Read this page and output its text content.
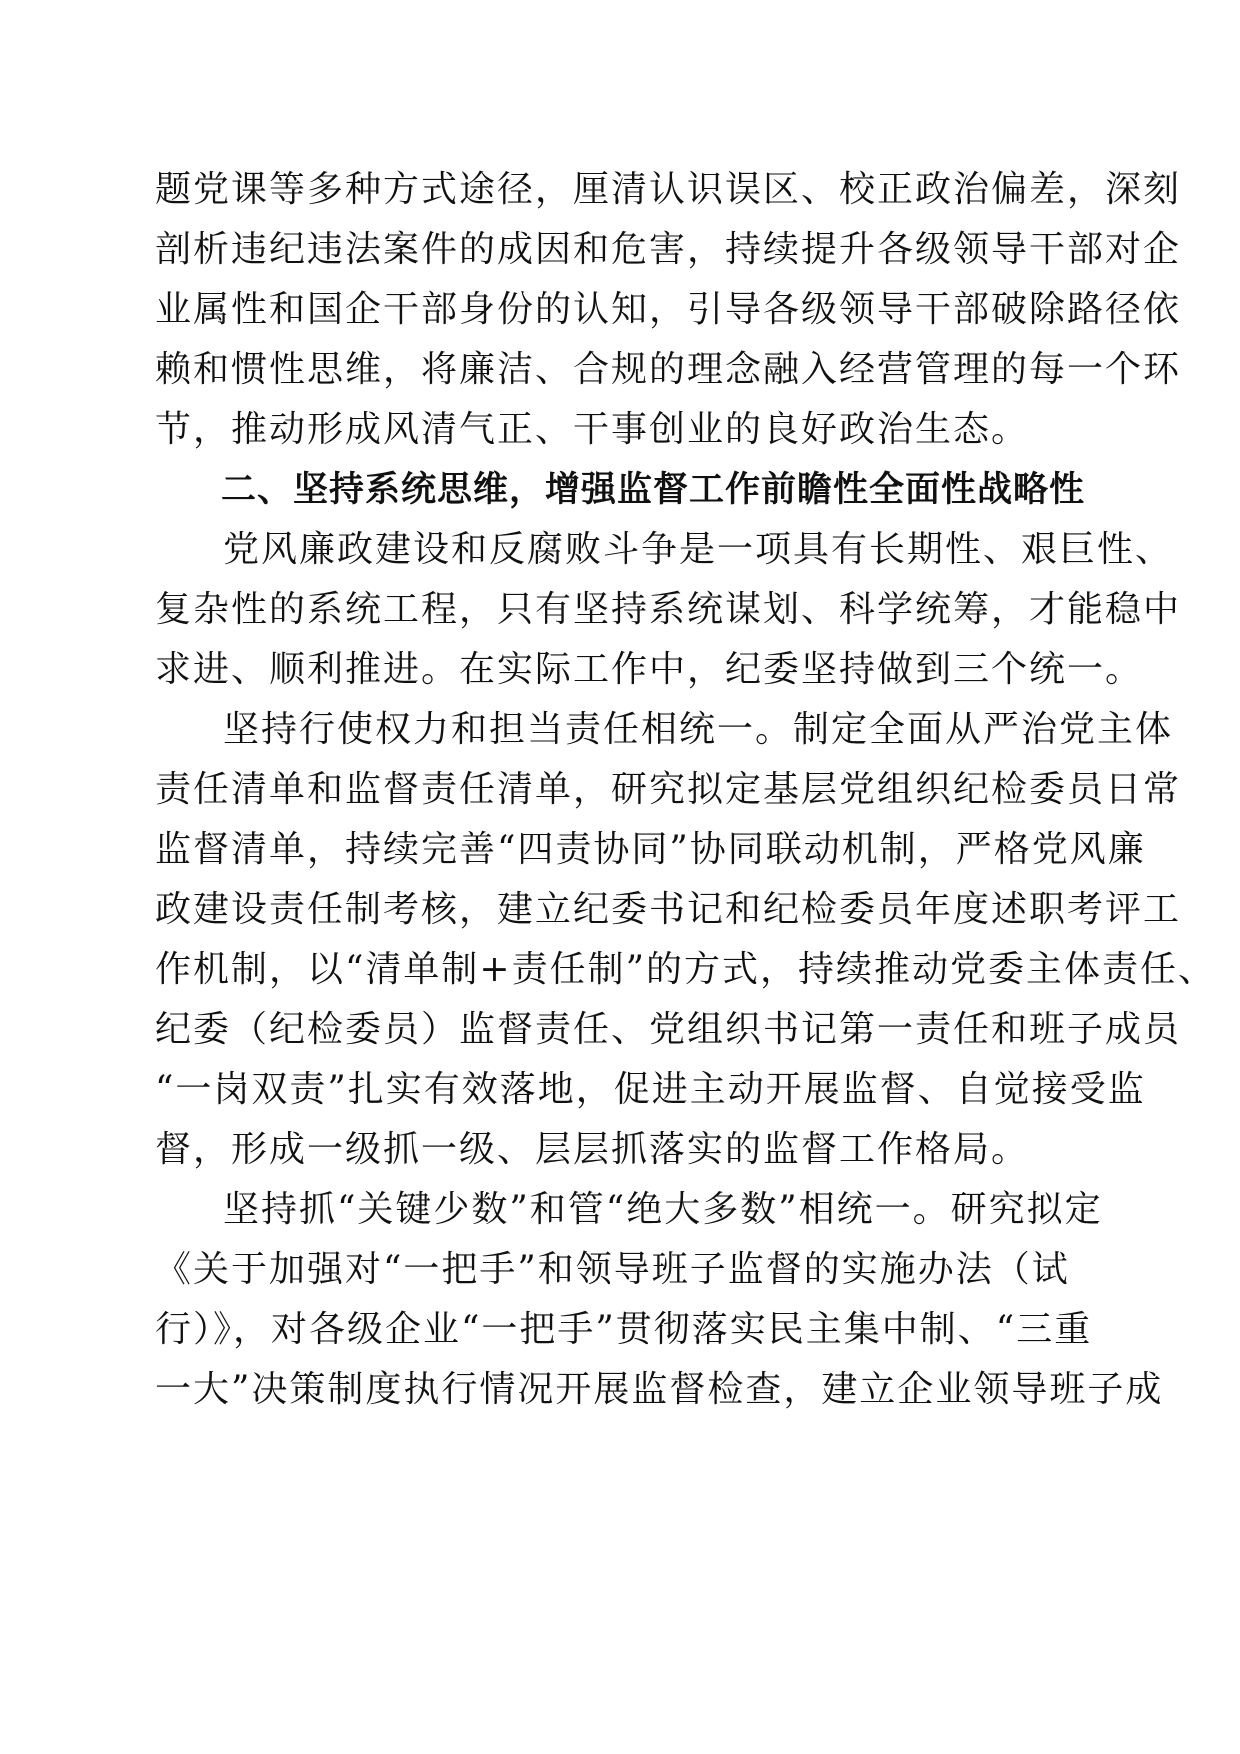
题党课等多种方式途径，厘清认识误区、校正政治偏差，深刻
剖析违纪违法案件的成因和危害，持续提升各级领导干部对企
业属性和国企干部身份的认知，引导各级领导干部破除路径依
赖和惯性思维，将廉洁、合规的理念融入经营管理的每一个环
节，推动形成风清气正、干事创业的良好政治生态。
二、坚持系统思维，增强监督工作前瞻性全面性战略性
党风廉政建设和反腐败斗争是一项具有长期性、艰巨性、
复杂性的系统工程，只有坚持系统谋划、科学统筹，才能稳中
求进、顺利推进。在实际工作中，纪委坚持做到三个统一。
坚持行使权力和担当责任相统一。制定全面从严治党主体
责任清单和监督责任清单，研究拟定基层党组织纪检委员日常
监督清单，持续完善“四责协同”协同联动机制，严格党风廉
政建设责任制考核，建立纪委书记和纪检委员年度述职考评工
作机制，以“清单制+责任制”的方式，持续推动党委主体责任、
纪委（纪检委员）监督责任、党组织书记第一责任和班子成员
“一岗双责”扎实有效落地，促进主动开展监督、自觉接受监
督，形成一级抓一级、层层抓落实的监督工作格局。
坚持抓“关键少数”和管“绝大多数”相统一。研究拟定
《关于加强对“一把手”和领导班子监督的实施办法（试
行）》，对各级企业“一把手”贯彻落实民主集中制、“三重
一大”决策制度执行情况开展监督检查，建立企业领导班子成
